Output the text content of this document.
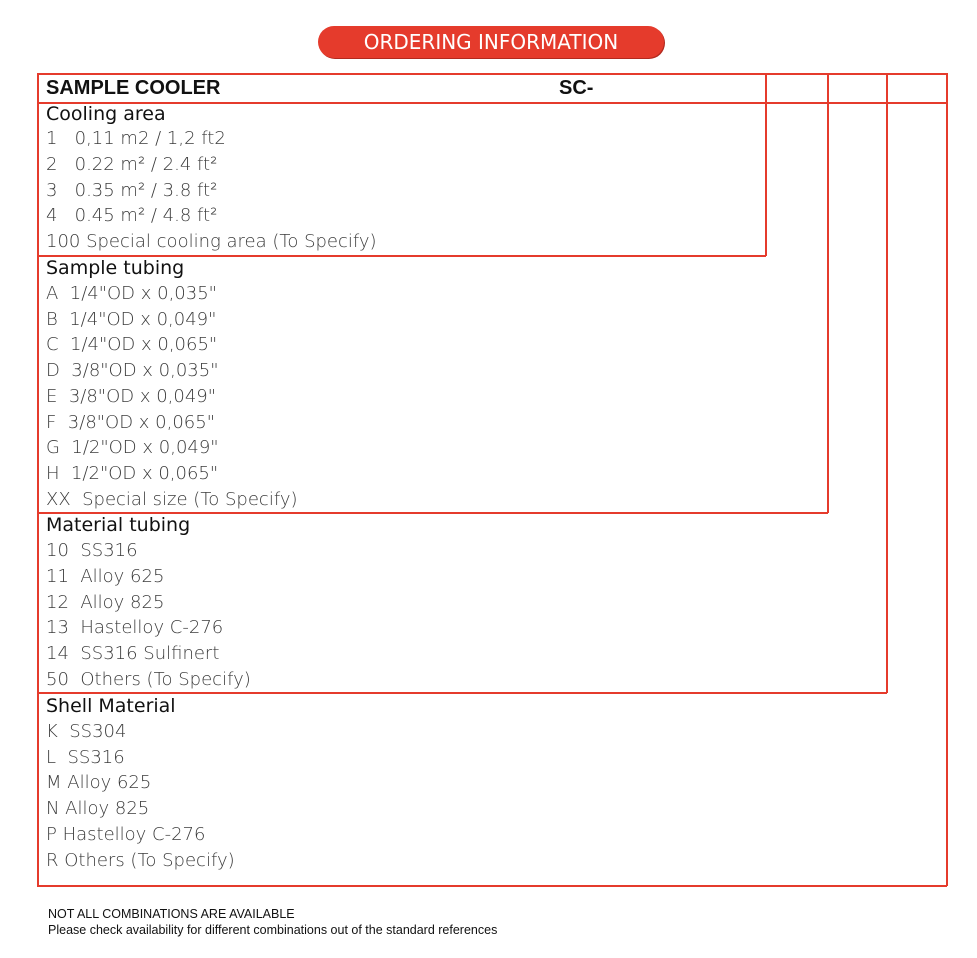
ORDERING INFORMATION
SAMPLE COOLER	SC-
Cooling area
1   0,11 m2 / 1,2 ft2
2   0.22 m² / 2.4 ft²
3   0.35 m² / 3.8 ft²
4   0.45 m² / 4.8 ft²
100 Special cooling area (To Specify)
Sample tubing
A  1/4"OD x 0,035"
B  1/4"OD x 0,049"
C  1/4"OD x 0,065"
D  3/8"OD x 0,035"
E  3/8"OD x 0,049"
F  3/8"OD x 0,065"
G  1/2"OD x 0,049"
H  1/2"OD x 0,065"
XX  Special size (To Specify)
Material tubing
10  SS316
11  Alloy 625
12  Alloy 825
13  Hastelloy C-276
14  SS316 Sulfinert
50  Others (To Specify)
Shell Material
K  SS304
L  SS316
M Alloy 625
N Alloy 825
P Hastelloy C-276
R Others (To Specify)
NOT ALL COMBINATIONS ARE AVAILABLE
Please check availability for different combinations out of the standard references
